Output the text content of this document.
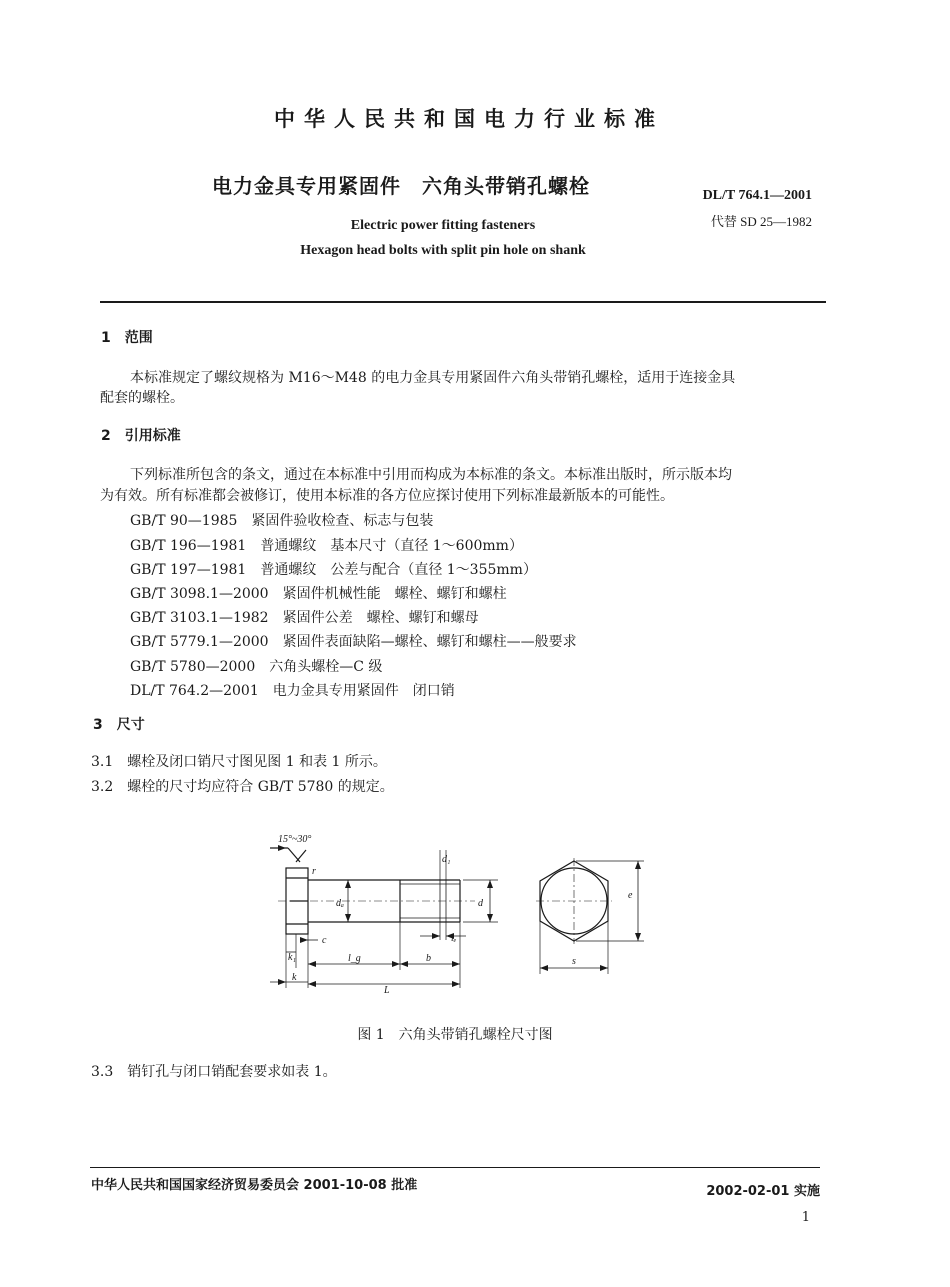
中华人民共和国电力行业标准
电力金具专用紧固件　六角头带销孔螺栓	DL/T 764.1—2001
代替 SD 25—1982
Electric power fitting fasteners
Hexagon head bolts with split pin hole on shank
1　范围
本标准规定了螺纹规格为 M16～M48 的电力金具专用紧固件六角头带销孔螺栓，适用于连接金具
配套的螺栓。
2　引用标准
下列标准所包含的条文，通过在本标准中引用而构成为本标准的条文。本标准出版时，所示版本均
为有效。所有标准都会被修订，使用本标准的各方位应探讨使用下列标准最新版本的可能性。
GB/T 90—1985　紧固件验收检查、标志与包装
GB/T 196—1981　普通螺纹　基本尺寸（直径 1～600mm）
GB/T 197—1981　普通螺纹　公差与配合（直径 1～355mm）
GB/T 3098.1—2000　紧固件机械性能　螺栓、螺钉和螺柱
GB/T 3103.1—1982　紧固件公差　螺栓、螺钉和螺母
GB/T 5779.1—2000　紧固件表面缺陷—螺栓、螺钉和螺柱——般要求
GB/T 5780—2000　六角头螺栓—C 级
DL/T 764.2—2001　电力金具专用紧固件　闭口销
3　尺寸
3.1　螺栓及闭口销尺寸图见图 1 和表 1 所示。
3.2　螺栓的尺寸均应符合 GB/T 5780 的规定。
15°~30°
r
dₐ	d
d₁
c
k₁
k
l_g	b
lₑ
L
e
s
图 1　六角头带销孔螺栓尺寸图
3.3　销钉孔与闭口销配套要求如表 1。
中华人民共和国国家经济贸易委员会 2001-10-08 批准	2002-02-01 实施
1
